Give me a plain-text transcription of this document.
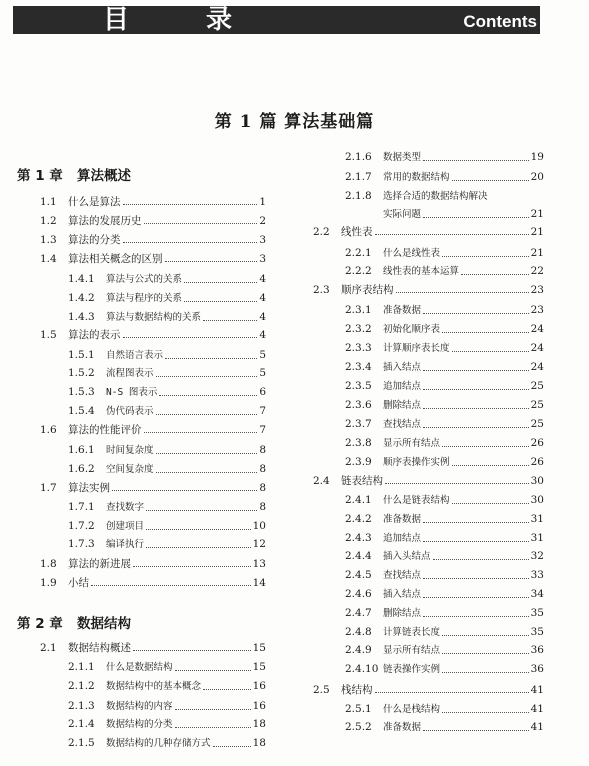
目 录	Contents
第 1 篇 算法基础篇
第 1 章 算法概述
1.1	什么是算法	1
1.2	算法的发展历史	2
1.3	算法的分类	3
1.4	算法相关概念的区别	3
1.4.1	算法与公式的关系	4
1.4.2	算法与程序的关系	4
1.4.3	算法与数据结构的关系	4
1.5	算法的表示	4
1.5.1	自然语言表示	5
1.5.2	流程图表示	5
1.5.3	N-S 图表示	6
1.5.4	伪代码表示	7
1.6	算法的性能评价	7
1.6.1	时间复杂度	8
1.6.2	空间复杂度	8
1.7	算法实例	8
1.7.1	查找数字	8
1.7.2	创建项目	10
1.7.3	编译执行	12
1.8	算法的新进展	13
1.9	小结	14
第 2 章 数据结构
2.1	数据结构概述	15
2.1.1	什么是数据结构	15
2.1.2	数据结构中的基本概念	16
2.1.3	数据结构的内容	16
2.1.4	数据结构的分类	18
2.1.5	数据结构的几种存储方式	18
2.1.6	数据类型	19
2.1.7	常用的数据结构	20
2.1.8	选择合适的数据结构解决
实际问题	21
2.2	线性表	21
2.2.1	什么是线性表	21
2.2.2	线性表的基本运算	22
2.3	顺序表结构	23
2.3.1	准备数据	23
2.3.2	初始化顺序表	24
2.3.3	计算顺序表长度	24
2.3.4	插入结点	24
2.3.5	追加结点	25
2.3.6	删除结点	25
2.3.7	查找结点	25
2.3.8	显示所有结点	26
2.3.9	顺序表操作实例	26
2.4	链表结构	30
2.4.1	什么是链表结构	30
2.4.2	准备数据	31
2.4.3	追加结点	31
2.4.4	插入头结点	32
2.4.5	查找结点	33
2.4.6	插入结点	34
2.4.7	删除结点	35
2.4.8	计算链表长度	35
2.4.9	显示所有结点	36
2.4.10 链表操作实例	36
2.5	栈结构	41
2.5.1	什么是栈结构	41
2.5.2	准备数据	41
